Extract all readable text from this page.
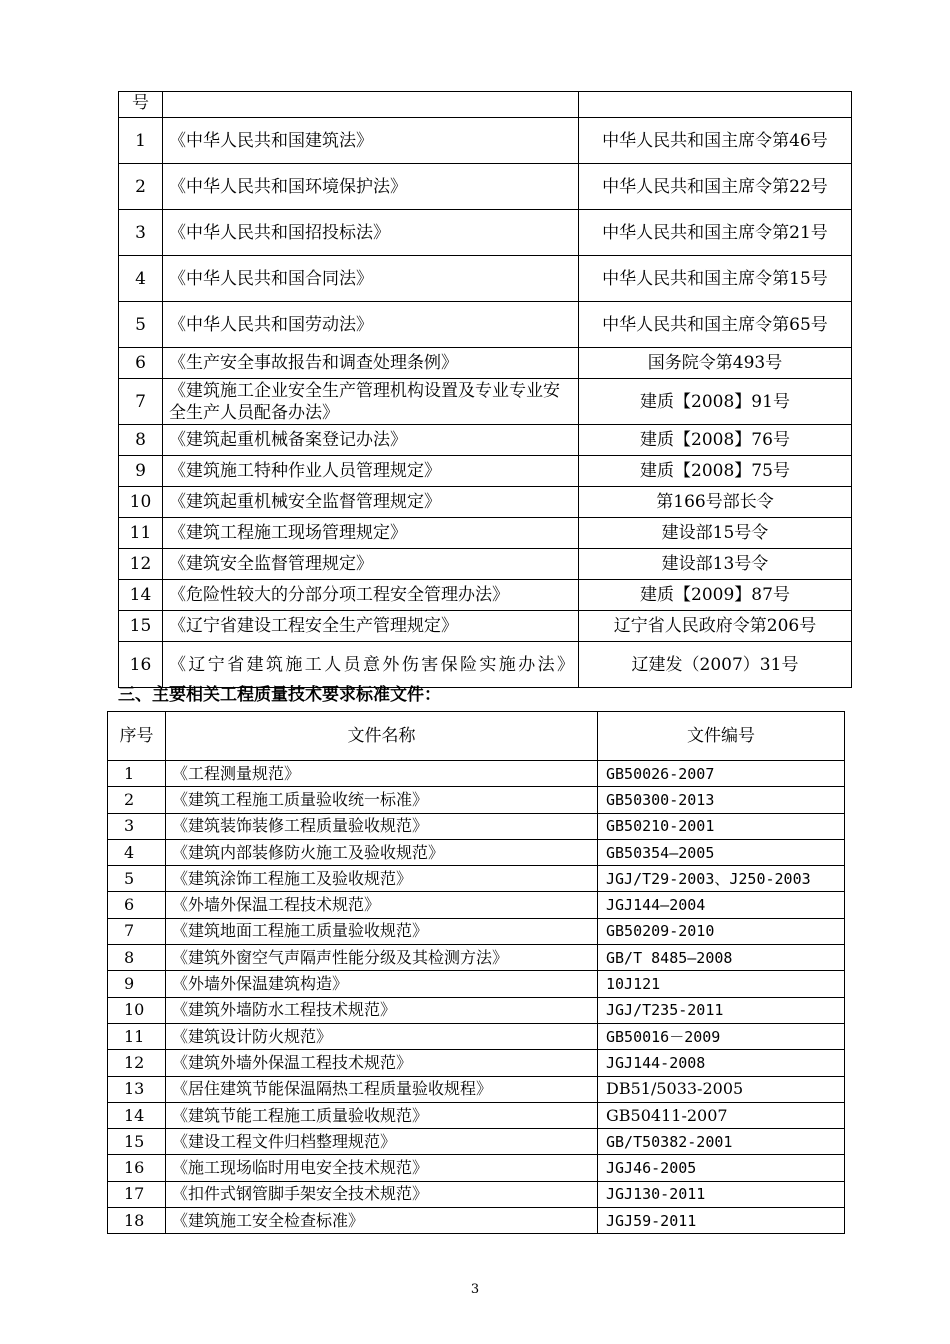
号		
1	《中华人民共和国建筑法》	中华人民共和国主席令第46号
2	《中华人民共和国环境保护法》	中华人民共和国主席令第22号
3	《中华人民共和国招投标法》	中华人民共和国主席令第21号
4	《中华人民共和国合同法》	中华人民共和国主席令第15号
5	《中华人民共和国劳动法》	中华人民共和国主席令第65号
6	《生产安全事故报告和调查处理条例》	国务院令第493号
7	《建筑施工企业安全生产管理机构设置及专业专业安全生产人员配备办法》	建质【2008】91号
8	《建筑起重机械备案登记办法》	建质【2008】76号
9	《建筑施工特种作业人员管理规定》	建质【2008】75号
10	《建筑起重机械安全监督管理规定》	第166号部长令
11	《建筑工程施工现场管理规定》	建设部15号令
12	《建筑安全监督管理规定》	建设部13号令
14	《危险性较大的分部分项工程安全管理办法》	建质【2009】87号
15	《辽宁省建设工程安全生产管理规定》	辽宁省人民政府令第206号
16	《辽宁省建筑施工人员意外伤害保险实施办法》	辽建发（2007）31号
三、主要相关工程质量技术要求标准文件：
序号	文件名称	文件编号
1	《工程测量规范》	GB50026-2007
2	《建筑工程施工质量验收统一标准》	GB50300-2013
3	《建筑装饰装修工程质量验收规范》	GB50210-2001
4	《建筑内部装修防火施工及验收规范》	GB50354—2005
5	《建筑涂饰工程施工及验收规范》	JGJ/T29-2003、J250-2003
6	《外墙外保温工程技术规范》	JGJ144—2004
7	《建筑地面工程施工质量验收规范》	GB50209-2010
8	《建筑外窗空气声隔声性能分级及其检测方法》	GB/T 8485–2008
9	《外墙外保温建筑构造》	10J121
10	《建筑外墙防水工程技术规范》	JGJ/T235-2011
11	《建筑设计防火规范》	GB50016－2009
12	《建筑外墙外保温工程技术规范》	JGJ144-2008
13	《居住建筑节能保温隔热工程质量验收规程》	DB51/5033-2005
14	《建筑节能工程施工质量验收规范》	GB50411-2007
15	《建设工程文件归档整理规范》	GB/T50382-2001
16	《施工现场临时用电安全技术规范》	JGJ46-2005
17	《扣件式钢管脚手架安全技术规范》	JGJ130-2011
18	《建筑施工安全检查标准》	JGJ59-2011
3
